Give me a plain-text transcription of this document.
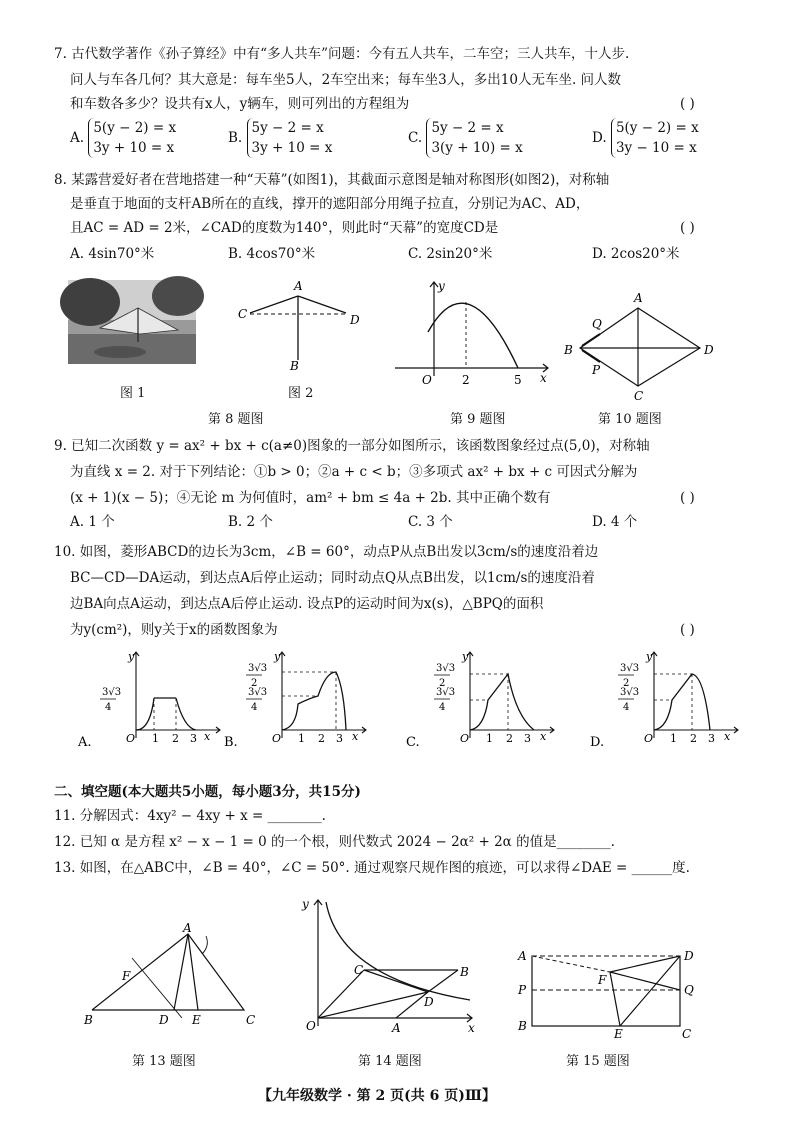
7. 古代数学著作《孙子算经》中有“多人共车”问题：今有五人共车，二车空；三人共车，十人步.
问人与车各几何？其大意是：每车坐5人，2车空出来；每车坐3人，多出10人无车坐. 问人数
和车数各多少？设共有x人，y辆车，则可列出的方程组为	( )
A. 5(y − 2) = x
3y + 10 = x
B. 5y − 2 = x
3y + 10 = x
C. 5y − 2 = x
3(y + 10) = x
D. 5(y − 2) = x
3y − 10 = x
8. 某露营爱好者在营地搭建一种“天幕”(如图1)，其截面示意图是轴对称图形(如图2)，对称轴
是垂直于地面的支杆AB所在的直线，撑开的遮阳部分用绳子拉直，分别记为AC、AD，
且AC = AD = 2米，∠CAD的度数为140°，则此时“天幕”的宽度CD是	( )
A. 4sin70°米	B. 4cos70°米	C. 2sin20°米	D. 2cos20°米
A
C	D
B
y
O	2	5 x
A
Q
B	D
P
C
图 1	图 2
第 8 题图	第 9 题图	第 10 题图
9. 已知二次函数 y = ax² + bx + c(a≠0)图象的一部分如图所示，该函数图象经过点(5,0)，对称轴
为直线 x = 2. 对于下列结论：①b > 0；②a + c < b；③多项式 ax² + bx + c 可因式分解为
(x + 1)(x − 5)；④无论 m 为何值时，am² + bm ≤ 4a + 2b. 其中正确个数有	( )
A. 1 个	B. 2 个	C. 3 个	D. 4 个
10. 如图，菱形ABCD的边长为3cm，∠B = 60°，动点P从点B出发以3cm/s的速度沿着边
BC—CD—DA运动，到达点A后停止运动；同时动点Q从点B出发，以1cm/s的速度沿着
边BA向点A运动，到达点A后停止运动. 设点P的运动时间为x(s)，△BPQ的面积
为y(cm²)，则y关于x的函数图象为	( )
3√3
4
y
O 1 2 3 x
A.
3√3
2
3√3
4
y
O 1 2 3 x
B.
3√3
2
3√3
4
y
O 1 2 3 x
C.
3√3
2
3√3
4
y
O 1 2 3 x
D.
二、填空题(本大题共5小题，每小题3分，共15分)
11. 分解因式：4xy² − 4xy + x = ________.
12. 已知 α 是方程 x² − x − 1 = 0 的一个根，则代数式 2024 − 2α² + 2α 的值是________.
13. 如图，在△ABC中，∠B = 40°，∠C = 50°. 通过观察尺规作图的痕迹，可以求得∠DAE = ______度.
A
F
B	D E	C
y
C	B
D
O	A	x
A	D
F
P	Q
B
E	C
第 13 题图	第 14 题图	第 15 题图
【九年级数学 · 第 2 页(共 6 页)Ⅲ】
